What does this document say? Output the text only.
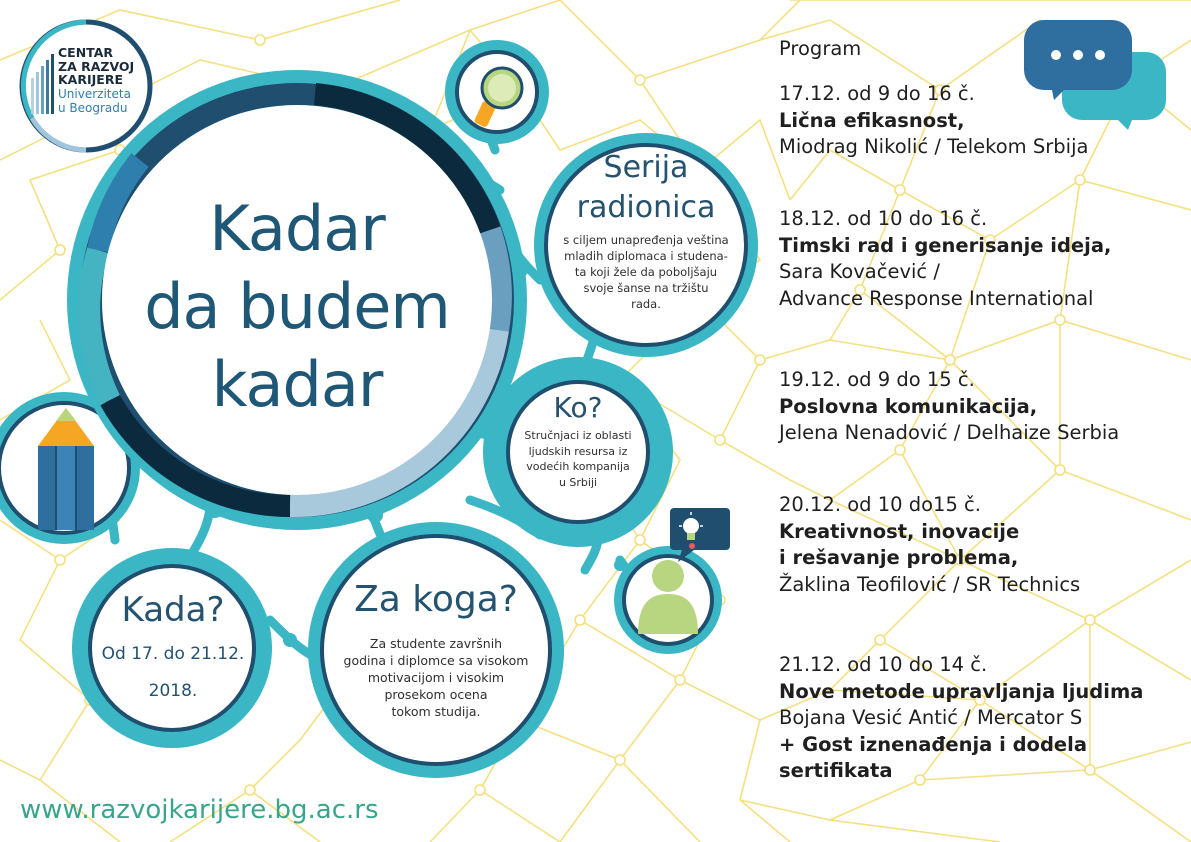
CENTAR
ZA RAZVOJ
KARIJERE
Univerziteta
u Beogradu
Kadar
da budem
kadar
Serija
radionica
s ciljem unapređenja veština
mladih diplomaca i studena-
ta koji žele da poboljšaju
svoje šanse na tržištu
rada.
Ko?
Stručnjaci iz oblasti
ljudskih resursa iz
vodećih kompanija
u Srbiji
Za koga?
Za studente završnih
godina i diplomce sa visokom
motivacijom i visokim
prosekom ocena
tokom studija.
Kada?
Od 17. do 21.12.
2018.
Program
17.12. od 9 do 16 č.
Lična efikasnost,
Miodrag Nikolić / Telekom Srbija
18.12. od 10 do 16 č.
Timski rad i generisanje ideja,
Sara Kovačević /
Advance Response International
19.12. od 9 do 15 č.
Poslovna komunikacija,
Jelena Nenadović / Delhaize Serbia
20.12. od 10 do15 č.
Kreativnost, inovacije
i rešavanje problema,
Žaklina Teofilović / SR Technics
21.12. od 10 do 14 č.
Nove metode upravljanja ljudima
Bojana Vesić Antić / Mercator S
+ Gost iznenađenja i dodela
sertifikata
www.razvojkarijere.bg.ac.rs
